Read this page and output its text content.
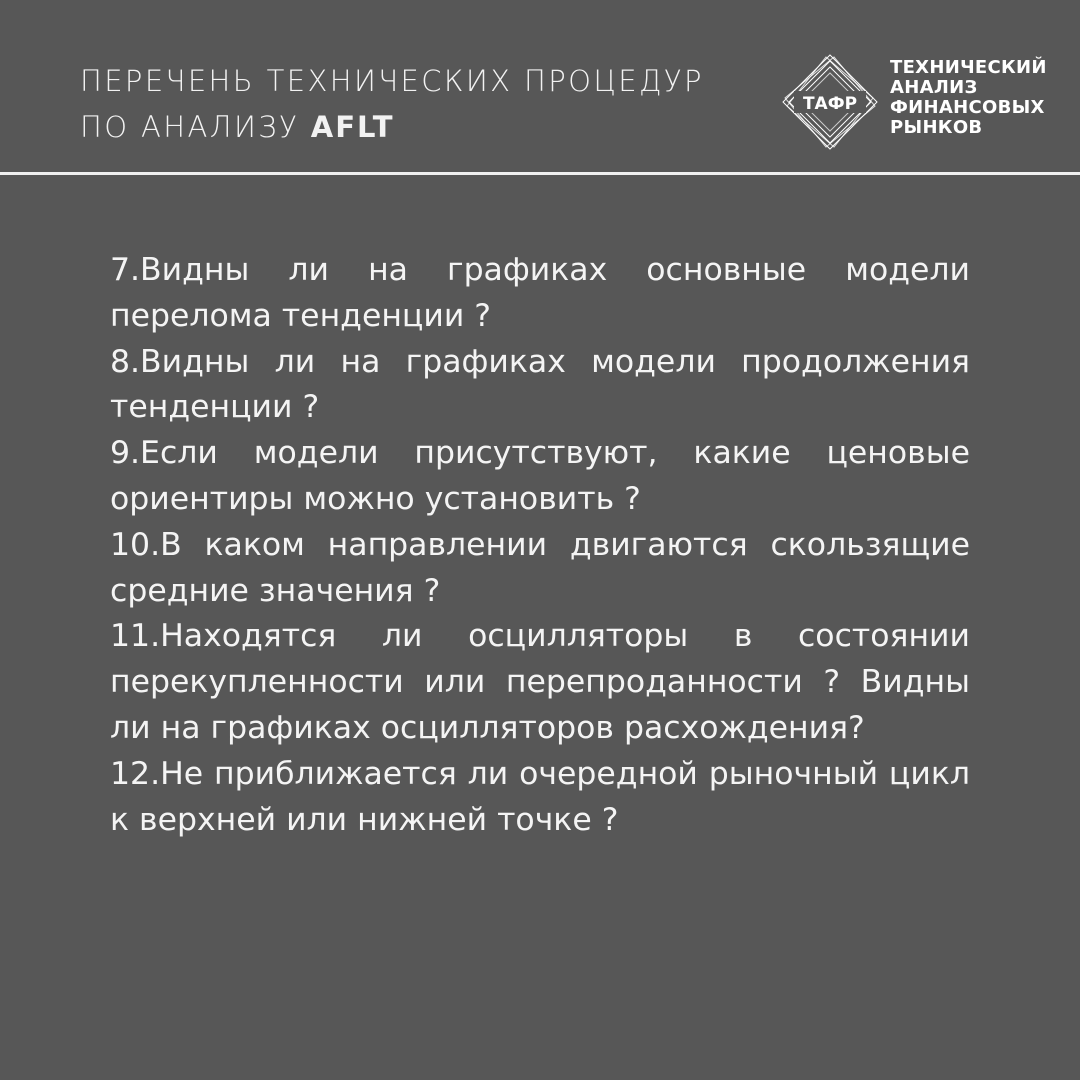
ПЕРЕЧЕНЬ ТЕХНИЧЕСКИХ ПРОЦЕДУР
ПО АНАЛИЗУ AFLT
ТАФР
ТЕХНИЧЕСКИЙ
АНАЛИЗ
ФИНАНСОВЫХ
РЫНКОВ

7.Видны ли на графиках основные модели перелома тенденции ?

8.Видны ли на графиках модели продолжения тенденции ?

9.Если модели присутствуют, какие ценовые ориентиры можно установить ?

10.В каком направлении двигаются скользящие средние значения ?

11.Находятся ли осцилляторы в состоянии перекупленности или перепроданности ? Видны ли на графиках осцилляторов расхождения?

12.Не приближается ли очередной рыночный цикл к верхней или нижней точке ?
